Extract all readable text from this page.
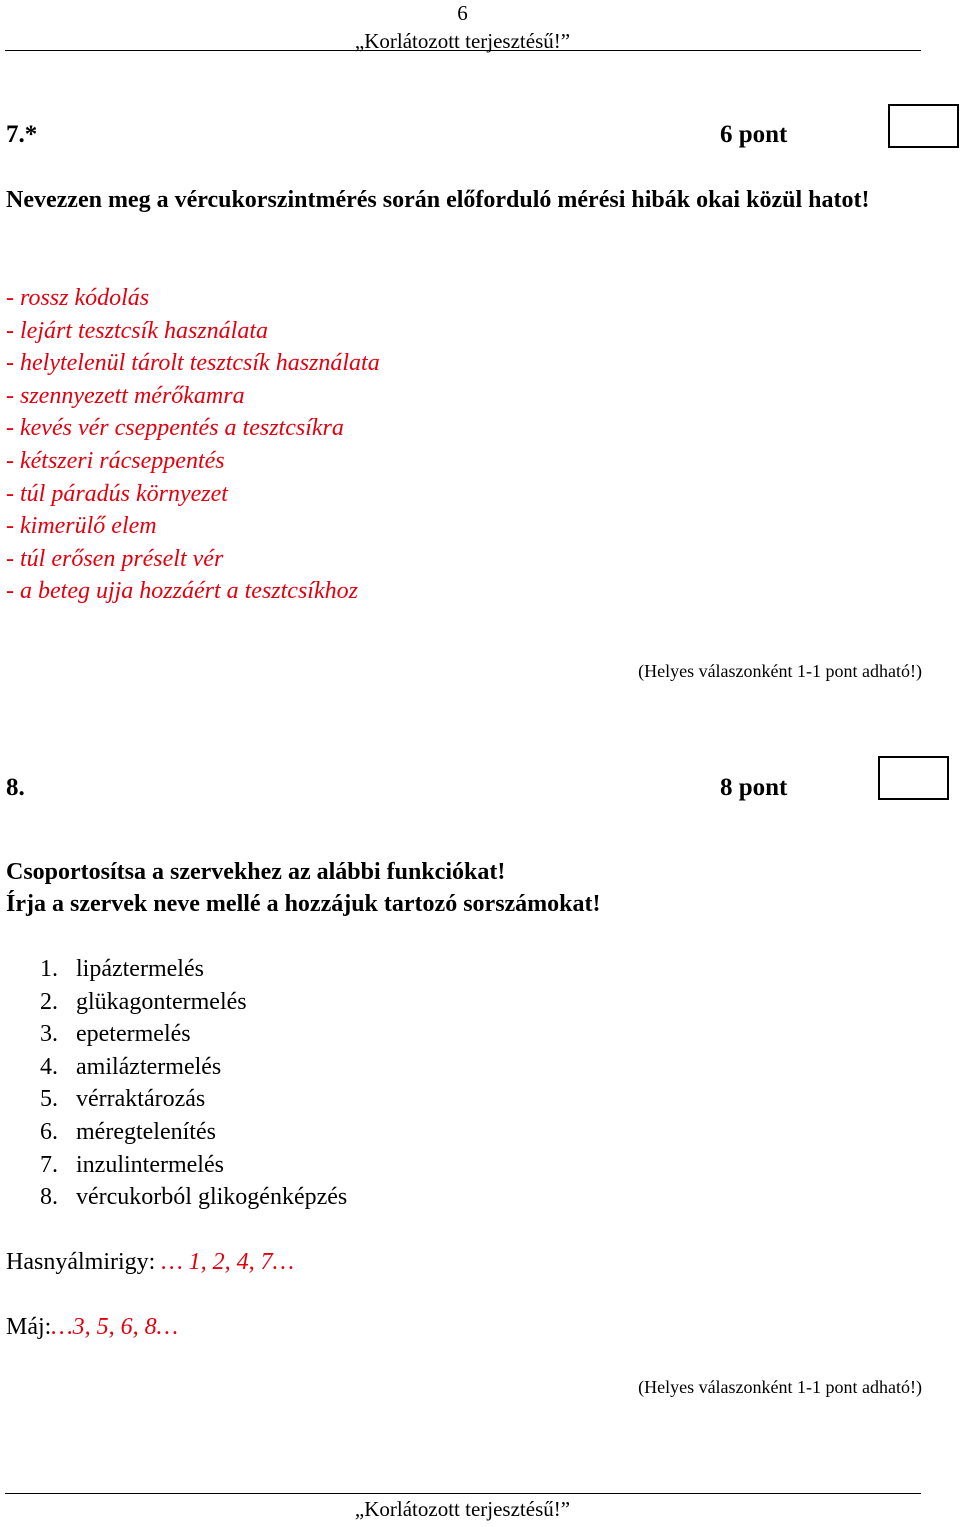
6
„Korlátozott terjesztésű!”
7.*	6 pont
Nevezzen meg a vércukorszintmérés során előforduló mérési hibák okai közül hatot!
- rossz kódolás
- lejárt tesztcsík használata
- helytelenül tárolt tesztcsík használata
- szennyezett mérőkamra
- kevés vér cseppentés a tesztcsíkra
- kétszeri rácseppentés
- túl páradús környezet
- kimerülő elem
- túl erősen préselt vér
- a beteg ujja hozzáért a tesztcsíkhoz
(Helyes válaszonként 1-1 pont adható!)
8.	8 pont
Csoportosítsa a szervekhez az alábbi funkciókat!
Írja a szervek neve mellé a hozzájuk tartozó sorszámokat!
1. lipáztermelés
2. glükagontermelés
3. epetermelés
4. amiláztermelés
5. vérraktározás
6. méregtelenítés
7. inzulintermelés
8. vércukorból glikogénképzés
Hasnyálmirigy: … 1, 2, 4, 7…
Máj:…3, 5, 6, 8…
(Helyes válaszonként 1-1 pont adható!)
„Korlátozott terjesztésű!”
